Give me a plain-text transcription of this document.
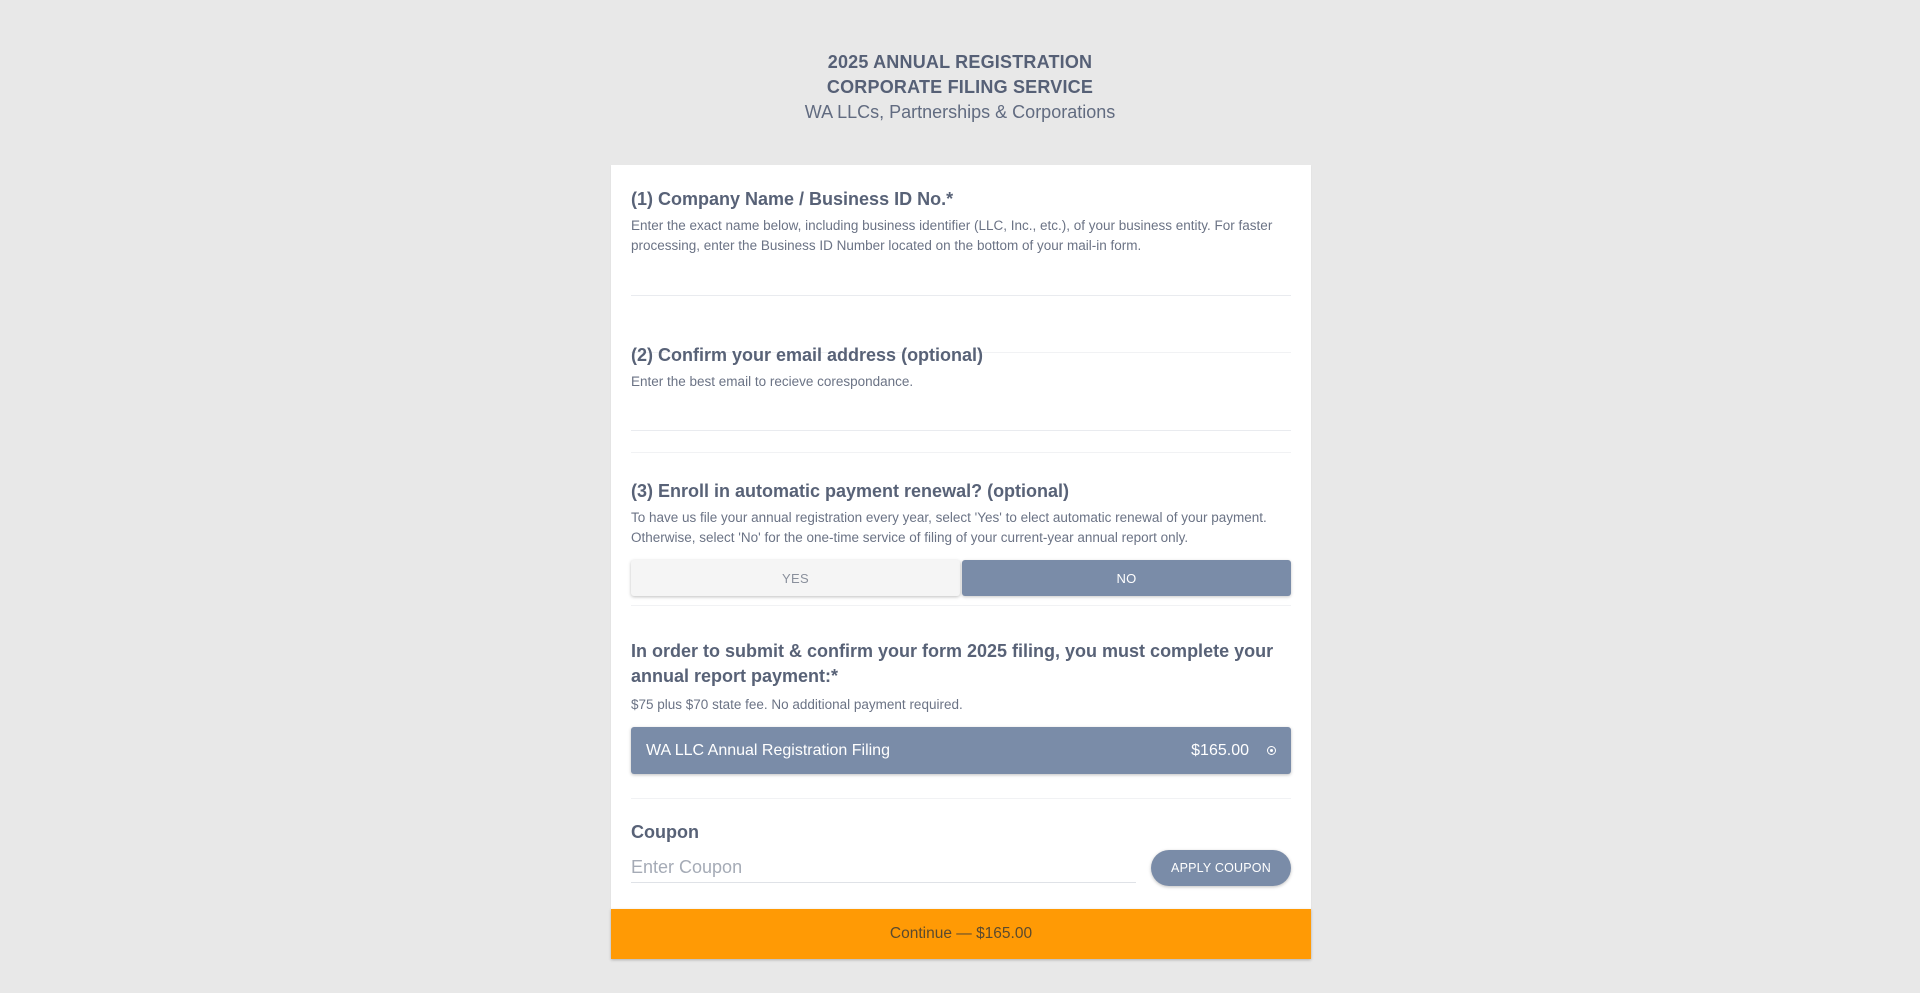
2025 ANNUAL REGISTRATION
CORPORATE FILING SERVICE
WA LLCs, Partnerships & Corporations
(1) Company Name / Business ID No.*
Enter the exact name below, including business identifier (LLC, Inc., etc.), of your business entity. For faster processing, enter the Business ID Number located on the bottom of your mail-in form.
(2) Confirm your email address (optional)
Enter the best email to recieve corespondance.
(3) Enroll in automatic payment renewal? (optional)
To have us file your annual registration every year, select 'Yes' to elect automatic renewal of your payment. Otherwise, select 'No' for the one-time service of filing of your current-year annual report only.
YES	NO
In order to submit & confirm your form 2025 filing, you must complete your annual report payment:*
$75 plus $70 state fee. No additional payment required.
WA LLC Annual Registration Filing	$165.00
Coupon
Enter Coupon
APPLY COUPON
Continue — $165.00
